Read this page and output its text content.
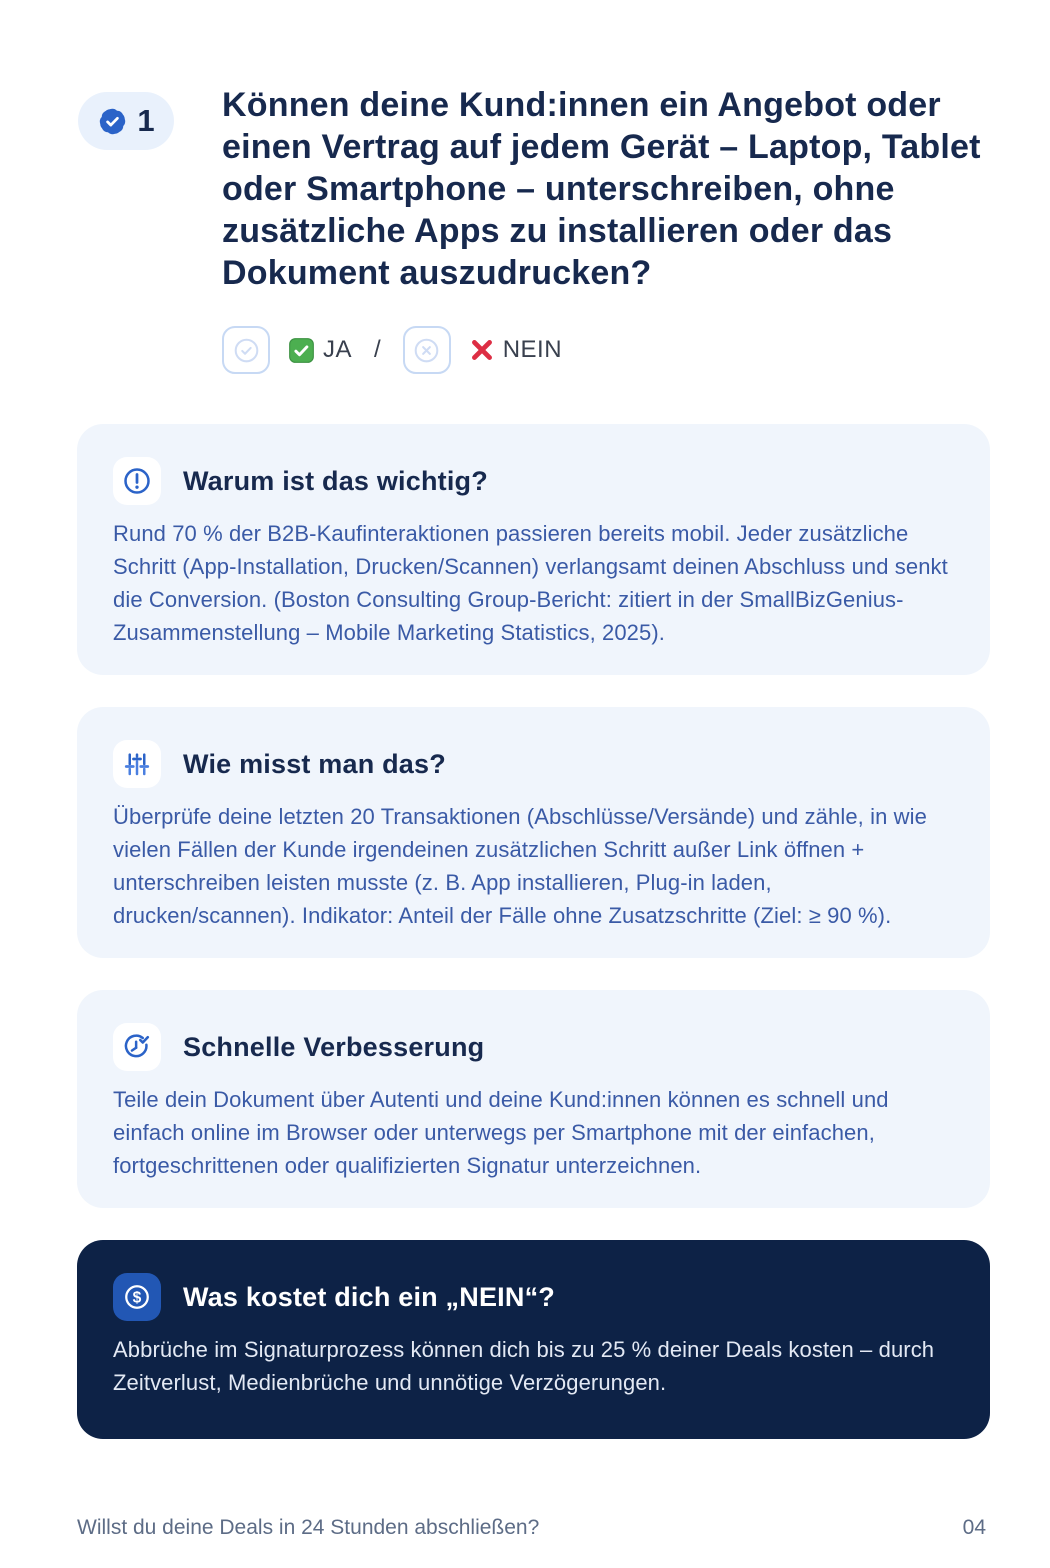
1 Können deine Kund:innen ein Angebot oder einen Vertrag auf jedem Gerät – Laptop, Tablet oder Smartphone – unterschreiben, ohne zusätzliche Apps zu installieren oder das Dokument auszudrucken?
JA /	NEIN
Warum ist das wichtig?

Rund 70 % der B2B-Kaufinteraktionen passieren bereits mobil. Jeder zusätzliche Schritt (App-Installation, Drucken/Scannen) verlangsamt deinen Abschluss und senkt die Conversion. (Boston Consulting Group-Bericht: zitiert in der SmallBizGenius-Zusammenstellung – Mobile Marketing Statistics, 2025).

Wie misst man das?

Überprüfe deine letzten 20 Transaktionen (Abschlüsse/Versände) und zähle, in wie vielen Fällen der Kunde irgendeinen zusätzlichen Schritt außer Link öffnen + unterschreiben leisten musste (z. B. App installieren, Plug-in laden, drucken/scannen). Indikator: Anteil der Fälle ohne Zusatzschritte (Ziel: ≥ 90 %).

Schnelle Verbesserung

Teile dein Dokument über Autenti und deine Kund:innen können es schnell und einfach online im Browser oder unterwegs per Smartphone mit der einfachen, fortgeschrittenen oder qualifizierten Signatur unterzeichnen.

$ Was kostet dich ein „NEIN“?

Abbrüche im Signaturprozess können dich bis zu 25 % deiner Deals kosten – durch Zeitverlust, Medienbrüche und unnötige Verzögerungen.

Willst du deine Deals in 24 Stunden abschließen?	04
